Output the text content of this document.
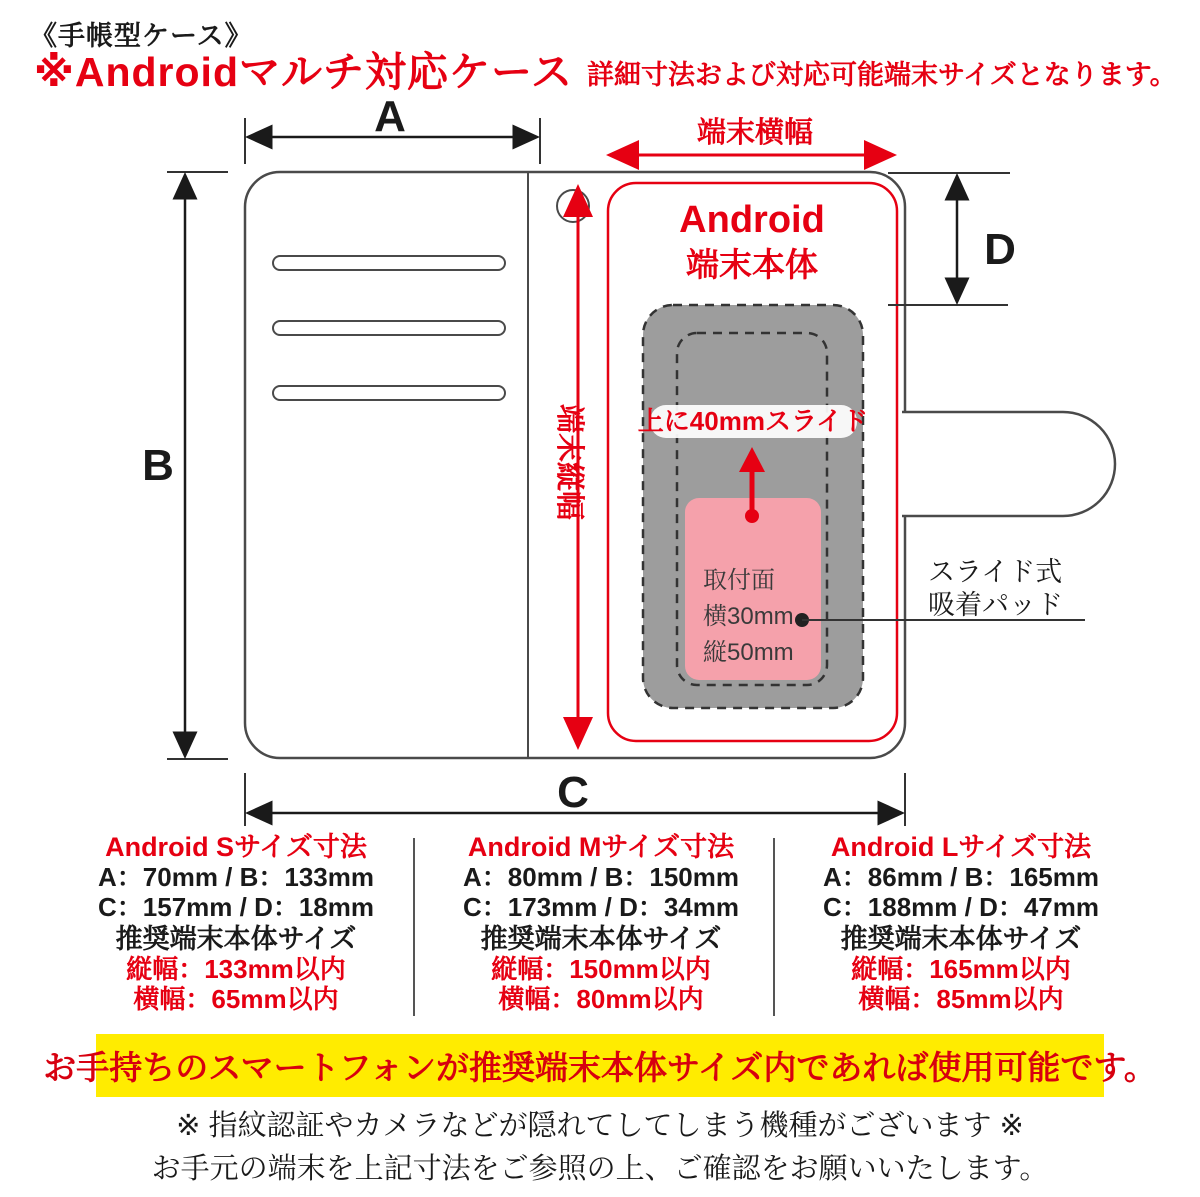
《手帳型ケース》
※Androidマルチ対応ケース 詳細寸法および対応可能端末サイズとなります。
Android
端末本体
上に40mmスライド
取付面
横30mm
縦50mm
スライド式
吸着パッド
A
B
C
D
端末横幅
端末縦幅
Android Sサイズ寸法
A：70mm / B：133mm
C：157mm / D：18mm
推奨端末本体サイズ
縦幅：133mm以内
横幅：65mm以内
Android Mサイズ寸法
A：80mm / B：150mm
C：173mm / D：34mm
推奨端末本体サイズ
縦幅：150mm以内
横幅：80mm以内
Android Lサイズ寸法
A：86mm / B：165mm
C：188mm / D：47mm
推奨端末本体サイズ
縦幅：165mm以内
横幅：85mm以内
お手持ちのスマートフォンが推奨端末本体サイズ内であれば使用可能です。
※ 指紋認証やカメラなどが隠れてしてしまう機種がございます ※
お手元の端末を上記寸法をご参照の上、ご確認をお願いいたします。
